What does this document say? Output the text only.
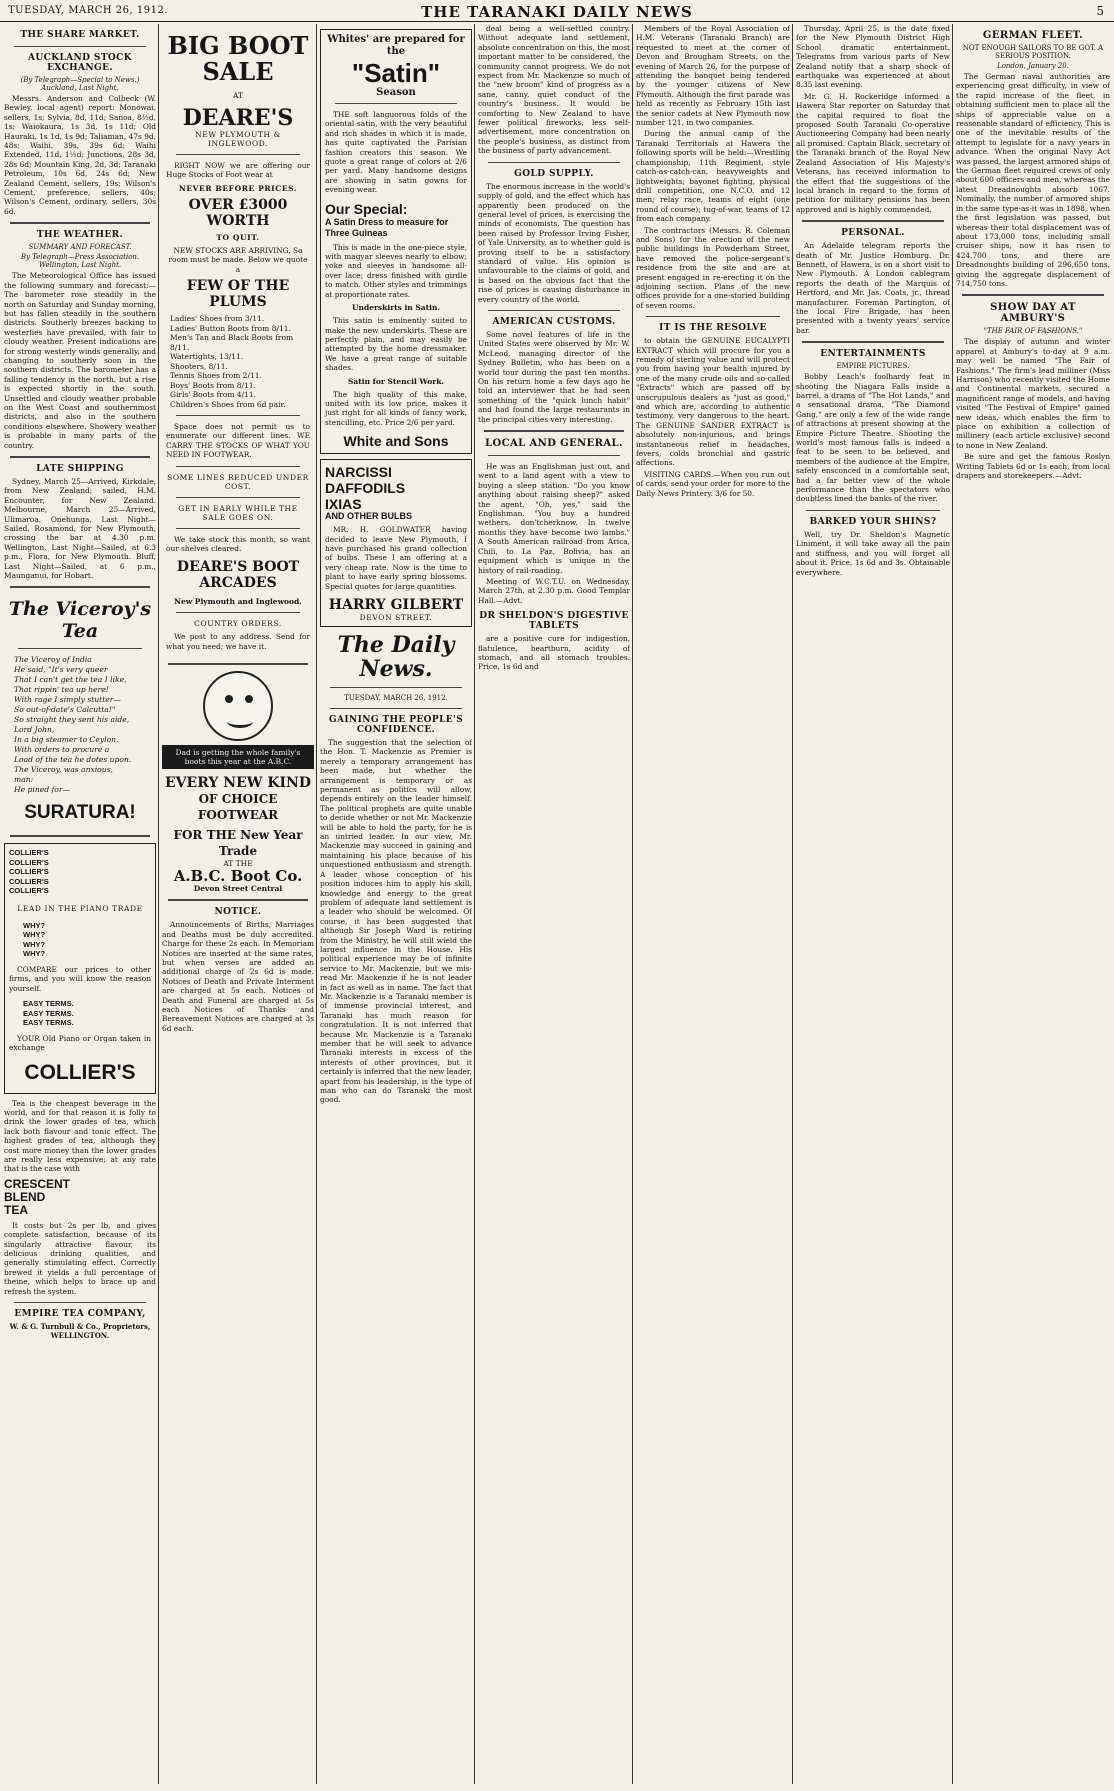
TUESDAY, MARCH 26, 1912.	THE TARANAKI DAILY NEWS	5
THE SHARE MARKET.
AUCKLAND STOCK EXCHANGE.
(By Telegraph—Special to News.) Auckland, Last Night.

Messrs. Anderson and Colbeck (W. Bewley, local agent) report: Monowai, sellers, 1s; Sylvia, 8d, 11d; Sanoa, 8½d, 1s; Waiokaura, 1s 3d, 1s 11d; Old Hauraki, 1s 1d, 1s 9d; Taliaman, 47s 9d, 48s; Waihi, 39s, 39s 6d; Waihi Extended, 11d, 1½d; Junctions, 28s 3d, 28s 6d; Mountain King, 2d, 3d; Taranaki Petroleum, 10s 6d, 24s 6d; New Zealand Cement, sellers, 19s; Wilson's Cement, preference, sellers, 40s; Wilson's Cement, ordinary, sellers, 30s 6d.

THE WEATHER.
SUMMARY AND FORECAST.
By Telegraph—Press Association. Wellington, Last Night.

The Meteorological Office has issued the following summary and forecast:—The barometer rose steadily in the north on Saturday and Sunday morning, but has fallen steadily in the southern districts. Southerly breezes backing to westerlies have prevailed, with fair to cloudy weather. Present indications are for strong westerly winds generally, and changing to southerly soon in the southern districts. The barometer has a falling tendency in the north, but a rise is expected shortly in the south. Unsettled and cloudy weather probable on the West Coast and southernmost districts, and also in the southern conditions elsewhere. Showery weather is probable in many parts of the country.

LATE SHIPPING

Sydney, March 25—Arrived, Kirkdale, from New Zealand; sailed, H.M. Encounter, for New Zealand. Melbourne, March 25—Arrived, Ulimaroa. Onehunga, Last Night—Sailed, Rosamond, for New Plymouth, crossing the bar at 4.30 p.m. Wellington, Last Night—Sailed, at 6.3 p.m., Flora, for New Plymouth. Bluff, Last Night—Sailed, at 6 p.m., Maunganui, for Hobart.

The Viceroy's Tea
The Viceroy of India
He said, "It's very queer
That I can't get the tea I like,
That rippin' tea up here!
With rage I simply stutter—
So out-of-date's Calcutta!"
So straight they sent his aide,
Lord John,
In a big steamer to Ceylon,
With orders to procure a
Load of the tea he dotes upon.
The Viceroy, was anxious,
man:
He pined for—
SURATURA!
COLLIER'S
COLLIER'S
COLLIER'S
COLLIER'S
COLLIER'S
LEAD IN THE PIANO TRADE
WHY?
WHY?
WHY?
WHY?

COMPARE our prices to other firms, and you will know the reason yourself.

EASY TERMS.
EASY TERMS.
EASY TERMS.

YOUR Old Piano or Organ taken in exchange

COLLIER'S

Tea is the cheapest beverage in the world, and for that reason it is folly to drink the lower grades of tea, which lack both flavour and tonic effect. The highest grades of tea, although they cost more money than the lower grades are really less expensive; at any rate that is the case with

CRESCENT
BLEND
TEA

It costs but 2s per lb, and gives complete satisfaction, because of its singularly attractive flavour, its delicious drinking qualities, and generally stimulating effect. Correctly brewed it yields a full percentage of theine, which helps to brace up and refresh the system.

EMPIRE TEA COMPANY,
W. & G. Turnbull & Co., Proprietors, WELLINGTON.
BIG BOOT SALE
AT
DEARE'S
NEW PLYMOUTH & INGLEWOOD.

RIGHT NOW we are offering our Huge Stocks of Foot wear at

NEVER BEFORE PRICES.
OVER £3000 WORTH
TO QUIT.

NEW STOCKS ARE ARRIVING, So room must be made. Below we quote a

FEW OF THE PLUMS
Ladies' Shoes from 3/11.
Ladies' Button Boots from 8/11.
Men's Tan and Black Boots from 8/11.
Watertights, 13/11.
Shooters, 8/11.
Tennis Shoes from 2/11.
Boys' Boots from 8/11.
Girls' Boots from 4/11.
Children's Shoes from 6d pair.

Space does not permit us to enumerate our different lines. WE CARRY THE STOCKS OF WHAT YOU NEED IN FOOTWEAR.

SOME LINES REDUCED UNDER COST.
GET IN EARLY WHILE THE SALE GOES ON.

We take stock this month, so want our shelves cleared.

DEARE'S BOOT ARCADES
New Plymouth and Inglewood.
COUNTRY ORDERS.

We post to any address. Send for what you need; we have it.

Dad is getting the whole family's boots this year at the A.B.C.
EVERY NEW KIND
OF CHOICE FOOTWEAR
FOR THE New Year Trade
AT THE
A.B.C. Boot Co.
Devon Street Central
NOTICE.

Announcements of Births, Marriages and Deaths must be duly accredited. Charge for these 2s each. In Memoriam Notices are inserted at the same rates, but when verses are added an additional charge of 2s 6d is made. Notices of Death and Private Interment are charged at 5s each. Notices of Death and Funeral are charged at 5s each Notices of Thanks and Bereavement Notices are charged at 3s 6d each.

Whites' are prepared for the
"Satin"
Season

THE soft languorous folds of the oriental satin, with the very beautiful and rich shades in which it is made, has quite captivated the Parisian fashion creators this season. We quote a great range of colors at 2/6 per yard. Many handsome designs are showing in satin gowns for evening wear.

Our Special:
A Satin Dress to measure for Three Guineas

This is made in the one-piece style, with magyar sleeves nearly to elbow; yoke and sleeves in handsome all-over lace; dress finished with girdle to match. Other styles and trimmings at proportionate rates.

Underskirts in Satin.

This satin is eminently suited to make the new underskirts. These are perfectly plain, and may easily be attempted by the home dressmaker. We have a great range of suitable shades.

Satin for Stencil Work.

The high quality of this make, united with its low price, makes it just right for all kinds of fancy work, stencilling, etc. Price 2/6 per yard.

White and Sons
NARCISSI
DAFFODILS
IXIAS
AND OTHER BULBS

MR. H. GOLDWATER having decided to leave New Plymouth, I have purchased his grand collection of bulbs. These I am offering at a very cheap rate. Now is the time to plant to have early spring blossoms. Special quotes for large quantities.

HARRY GILBERT
DEVON STREET.
The Daily News.
TUESDAY, MARCH 26, 1912.
GAINING THE PEOPLE'S CONFIDENCE.

The suggestion that the selection of the Hon. T. Mackenzie as Premier is merely a temporary arrangement has been made, but whether the arrangement is temporary or as permanent as politics will allow, depends entirely on the leader himself. The political prophets are quite unable to decide whether or not Mr. Mackenzie will be able to hold the party, for he is an untried leader. In our view, Mr. Mackenzie may succeed in gaining and maintaining his place because of his unquestioned enthusiasm and strength. A leader whose conception of his position induces him to apply his skill, knowledge and energy to the great problem of adequate land settlement is a leader who should be welcomed. Of course, it has been suggested that although Sir Joseph Ward is retiring from the Ministry, he will still wield the largest influence in the House. His political experience may be of infinite service to Mr. Mackenzie, but we mis-read Mr. Mackenzie if he is not leader in fact as well as in name. The fact that Mr. Mackenzie is a Taranaki member is of immense provincial interest, and Taranaki has much reason for congratulation. It is not inferred that because Mr. Mackenzie is a Taranaki member that he will seek to advance Taranaki interests in excess of the interests of other provinces, but it certainly is inferred that the new leader, apart from his leadership, is the type of man who can do Taranaki the most good.

deal being a well-settled country. Without adequate land settlement, absolute concentration on this, the most important matter to be considered, the community cannot progress. We do not expect from Mr. Mackenzie so much of the "new broom" kind of progress as a sane, canny, quiet conduct of the country's business. It would be comforting to New Zealand to have fewer political fireworks, less self-advertisement, more concentration on the people's business, as distinct from the business of party advancement.

GOLD SUPPLY.

The enormous increase in the world's supply of gold, and the effect which has apparently been produced on the general level of prices, is exercising the minds of economists. The question has been raised by Professor Irving Fisher, of Yale University, as to whether gold is proving itself to be a satisfactory standard of value. His opinion is unfavourable to the claims of gold, and is based on the obvious fact that the rise of prices is causing disturbance in every country of the world.

AMERICAN CUSTOMS.

Some novel features of life in the United States were observed by Mr. W. McLeod, managing director of the Sydney Bulletin, who has been on a world tour during the past ten months. On his return home a few days ago he told an interviewer that he had seen something of the "quick lunch habit" and had found the large restaurants in the principal cities very interesting.

LOCAL AND GENERAL.

He was an Englishman just out, and went to a land agent with a view to buying a sleep station. "Do you know anything about raising sheep?" asked the agent. "Oh, yes," said the Englishman. "You buy a hundred wethers, don'tcherknow. In twelve months they have become two lambs." A South American railroad from Arica, Chili, to La Paz, Bolivia, has an equipment which is unique in the history of rail-roading.

Meeting of W.C.T.U. on Wednesday, March 27th, at 2.30 p.m. Good Templar Hall.—Advt.

DR SHELDON'S DIGESTIVE TABLETS

are a positive cure for indigestion, flatulence, heartburn, acidity of stomach, and all stomach troubles. Price, 1s 6d and

Members of the Royal Association of H.M. Veterans (Taranaki Branch) are requested to meet at the corner of Devon and Brougham Streets, on the evening of March 26, for the purpose of attending the banquet being tendered by the younger citizens of New Plymouth. Although the first parade was held as recently as February 15th last the senior cadets at New Plymouth now number 121, in two companies.

During the annual camp of the Taranaki Territorials at Hawera the following sports will be held:—Wrestling championship, 11th Regiment, style catch-as-catch-can, heavyweights and lightweights; bayonet fighting, physical drill competition, one N.C.O. and 12 men; relay race, teams of eight (one round of course); tug-of-war, teams of 12 from each company.

The contractors (Messrs. R. Coleman and Sons) for the erection of the new public buildings in Powderham Street, have removed the police-sergeant's residence from the site and are at present engaged in re-erecting it on the adjoining section. Plans of the new offices provide for a one-storied building of seven rooms.

IT IS THE RESOLVE

to obtain the GENUINE EUCALYPTI EXTRACT which will procure for you a remedy of sterling value and will protect you from having your health injured by one of the many crude oils and so-called "Extracts" which are passed off by unscrupulous dealers as "just as good," and which are, according to authentic testimony, very dangerous to the heart. The GENUINE SANDER EXTRACT is absolutely non-injurious, and brings instantaneous relief in headaches, fevers, colds bronchial and gastric affections.

VISITING CARDS.—When you run out of cards, send your order for more to the Daily News Printery. 3/6 for 50.

Thursday, April 25, is the date fixed for the New Plymouth District High School dramatic entertainment. Telegrams from various parts of New Zealand notify that a sharp shock of earthquake was experienced at about 8.35 last evening.

Mr. G. H. Rockeridge informed a Hawera Star reporter on Saturday that the capital required to float the proposed South Taranaki Co-operative Auctioneering Company had been nearly all promised. Captain Black, secretary of the Taranaki branch of the Royal New Zealand Association of His Majesty's Veterans, has received information to the effect that the suggestions of the local branch in regard to the forms of petition for military pensions has been approved and is highly commended.

PERSONAL.

An Adelaide telegram reports the death of Mr. Justice Homburg. Dr. Bennett, of Hawera, is on a short visit to New Plymouth. A London cablegram reports the death of the Marquis of Hertford, and Mr. Jas. Coats, jr., thread manufacturer. Foreman Partington, of the local Fire Brigade, has been presented with a twenty years' service bar.

ENTERTAINMENTS
EMPIRE PICTURES.

Bobby Leach's foolhardy feat in shooting the Niagara Falls inside a barrel, a drama of "The Hot Lands," and a sensational drama, "The Diamond Gang," are only a few of the wide range of attractions at present showing at the Empire Picture Theatre. Shooting the world's most famous falls is indeed a feat to be seen to be believed, and members of the audience at the Empire, safely ensconced in a comfortable seat, had a far better view of the whole performance than the spectators who doubtless lined the banks of the river.

BARKED YOUR SHINS?

Well, try Dr. Sheldon's Magnetic Liniment, it will take away all the pain and stiffness, and you will forget all about it. Price, 1s 6d and 3s. Obtainable everywhere.

GERMAN FLEET.
NOT ENOUGH SAILORS TO BE GOT. A SERIOUS POSITION.
London, January 20.

The German naval authorities are experiencing great difficulty, in view of the rapid increase of the fleet, in obtaining sufficient men to place all the ships of appreciable value on a reasonable standard of efficiency. This is one of the inevitable results of the attempt to legislate for a navy years in advance. When the original Navy Act was passed, the largest armored ships of the German fleet required crews of only about 600 officers and men, whereas the latest Dreadnoughts absorb 1067. Nominally, the number of armored ships in the same type-as-it was in 1898, when the first legislation was passed, but whereas their total displacement was of about 173,000 tons, including small cruiser ships, now it has risen to 424,700 tons, and there are Dreadnoughts building of 296,650 tons, giving the aggregate displacement of 714,750 tons.

SHOW DAY AT AMBURY'S
"THE FAIR OF FASHIONS."

The display of autumn and winter apparel at Ambury's to-day at 9 a.m. may well be named "The Fair of Fashions." The firm's lead milliner (Miss Harrison) who recently visited the Home and Continental markets, secured a magnificent range of models, and having visited "The Festival of Empire" gained new ideas, which enables the firm to place on exhibition a collection of millinery (each article exclusive) second to none in New Zealand.

Be sure and get the famous Roslyn Writing Tablets 6d or 1s each, from local drapers and storekeepers.—Advt.
